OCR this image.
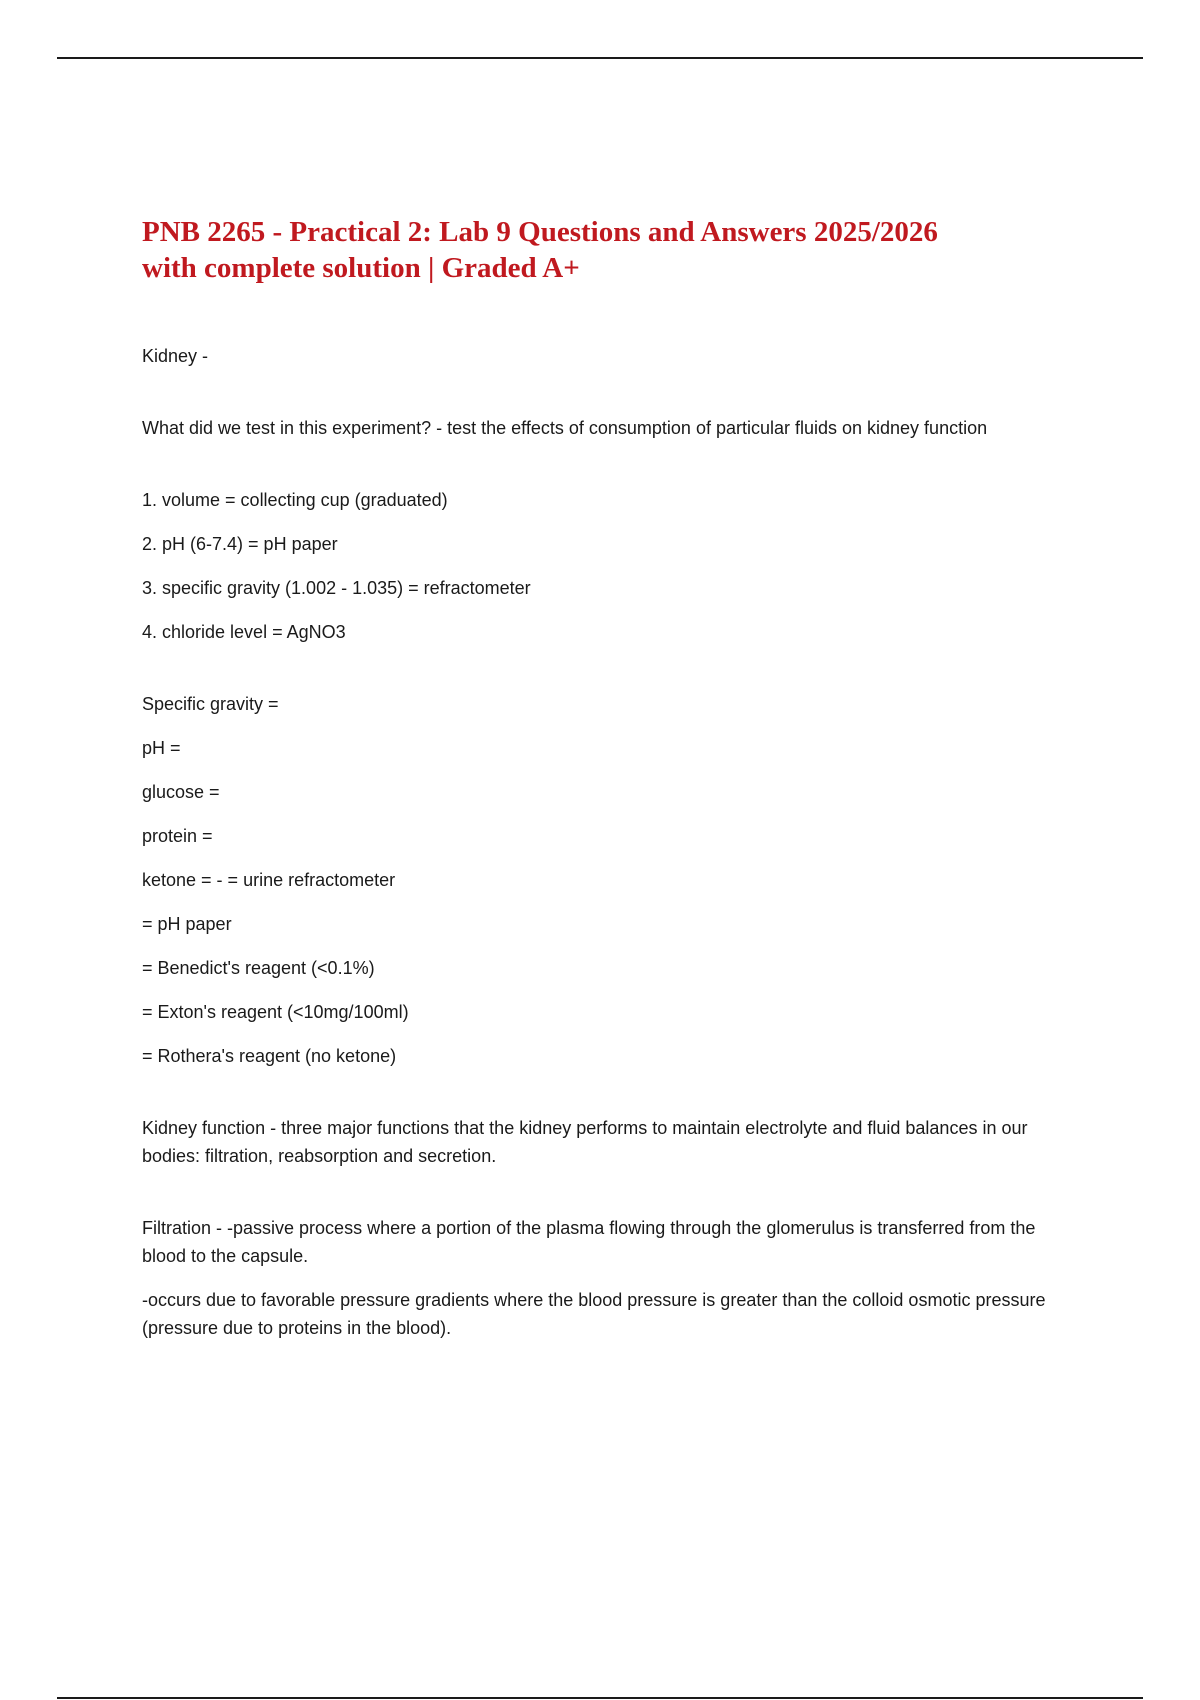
PNB 2265 - Practical 2: Lab 9 Questions and Answers 2025/2026
with complete solution | Graded A+

Kidney -

What did we test in this experiment? - test the effects of consumption of particular fluids on kidney function

1. volume = collecting cup (graduated)

2. pH (6-7.4) = pH paper

3. specific gravity (1.002 - 1.035) = refractometer

4. chloride level = AgNO3

Specific gravity =

pH =

glucose =

protein =

ketone = - = urine refractometer

= pH paper

= Benedict's reagent (<0.1%)

= Exton's reagent (<10mg/100ml)

= Rothera's reagent (no ketone)

Kidney function - three major functions that the kidney performs to maintain electrolyte and fluid balances in our bodies: filtration, reabsorption and secretion.

Filtration - -passive process where a portion of the plasma flowing through the glomerulus is transferred from the blood to the capsule.

-occurs due to favorable pressure gradients where the blood pressure is greater than the colloid osmotic pressure (pressure due to proteins in the blood).
